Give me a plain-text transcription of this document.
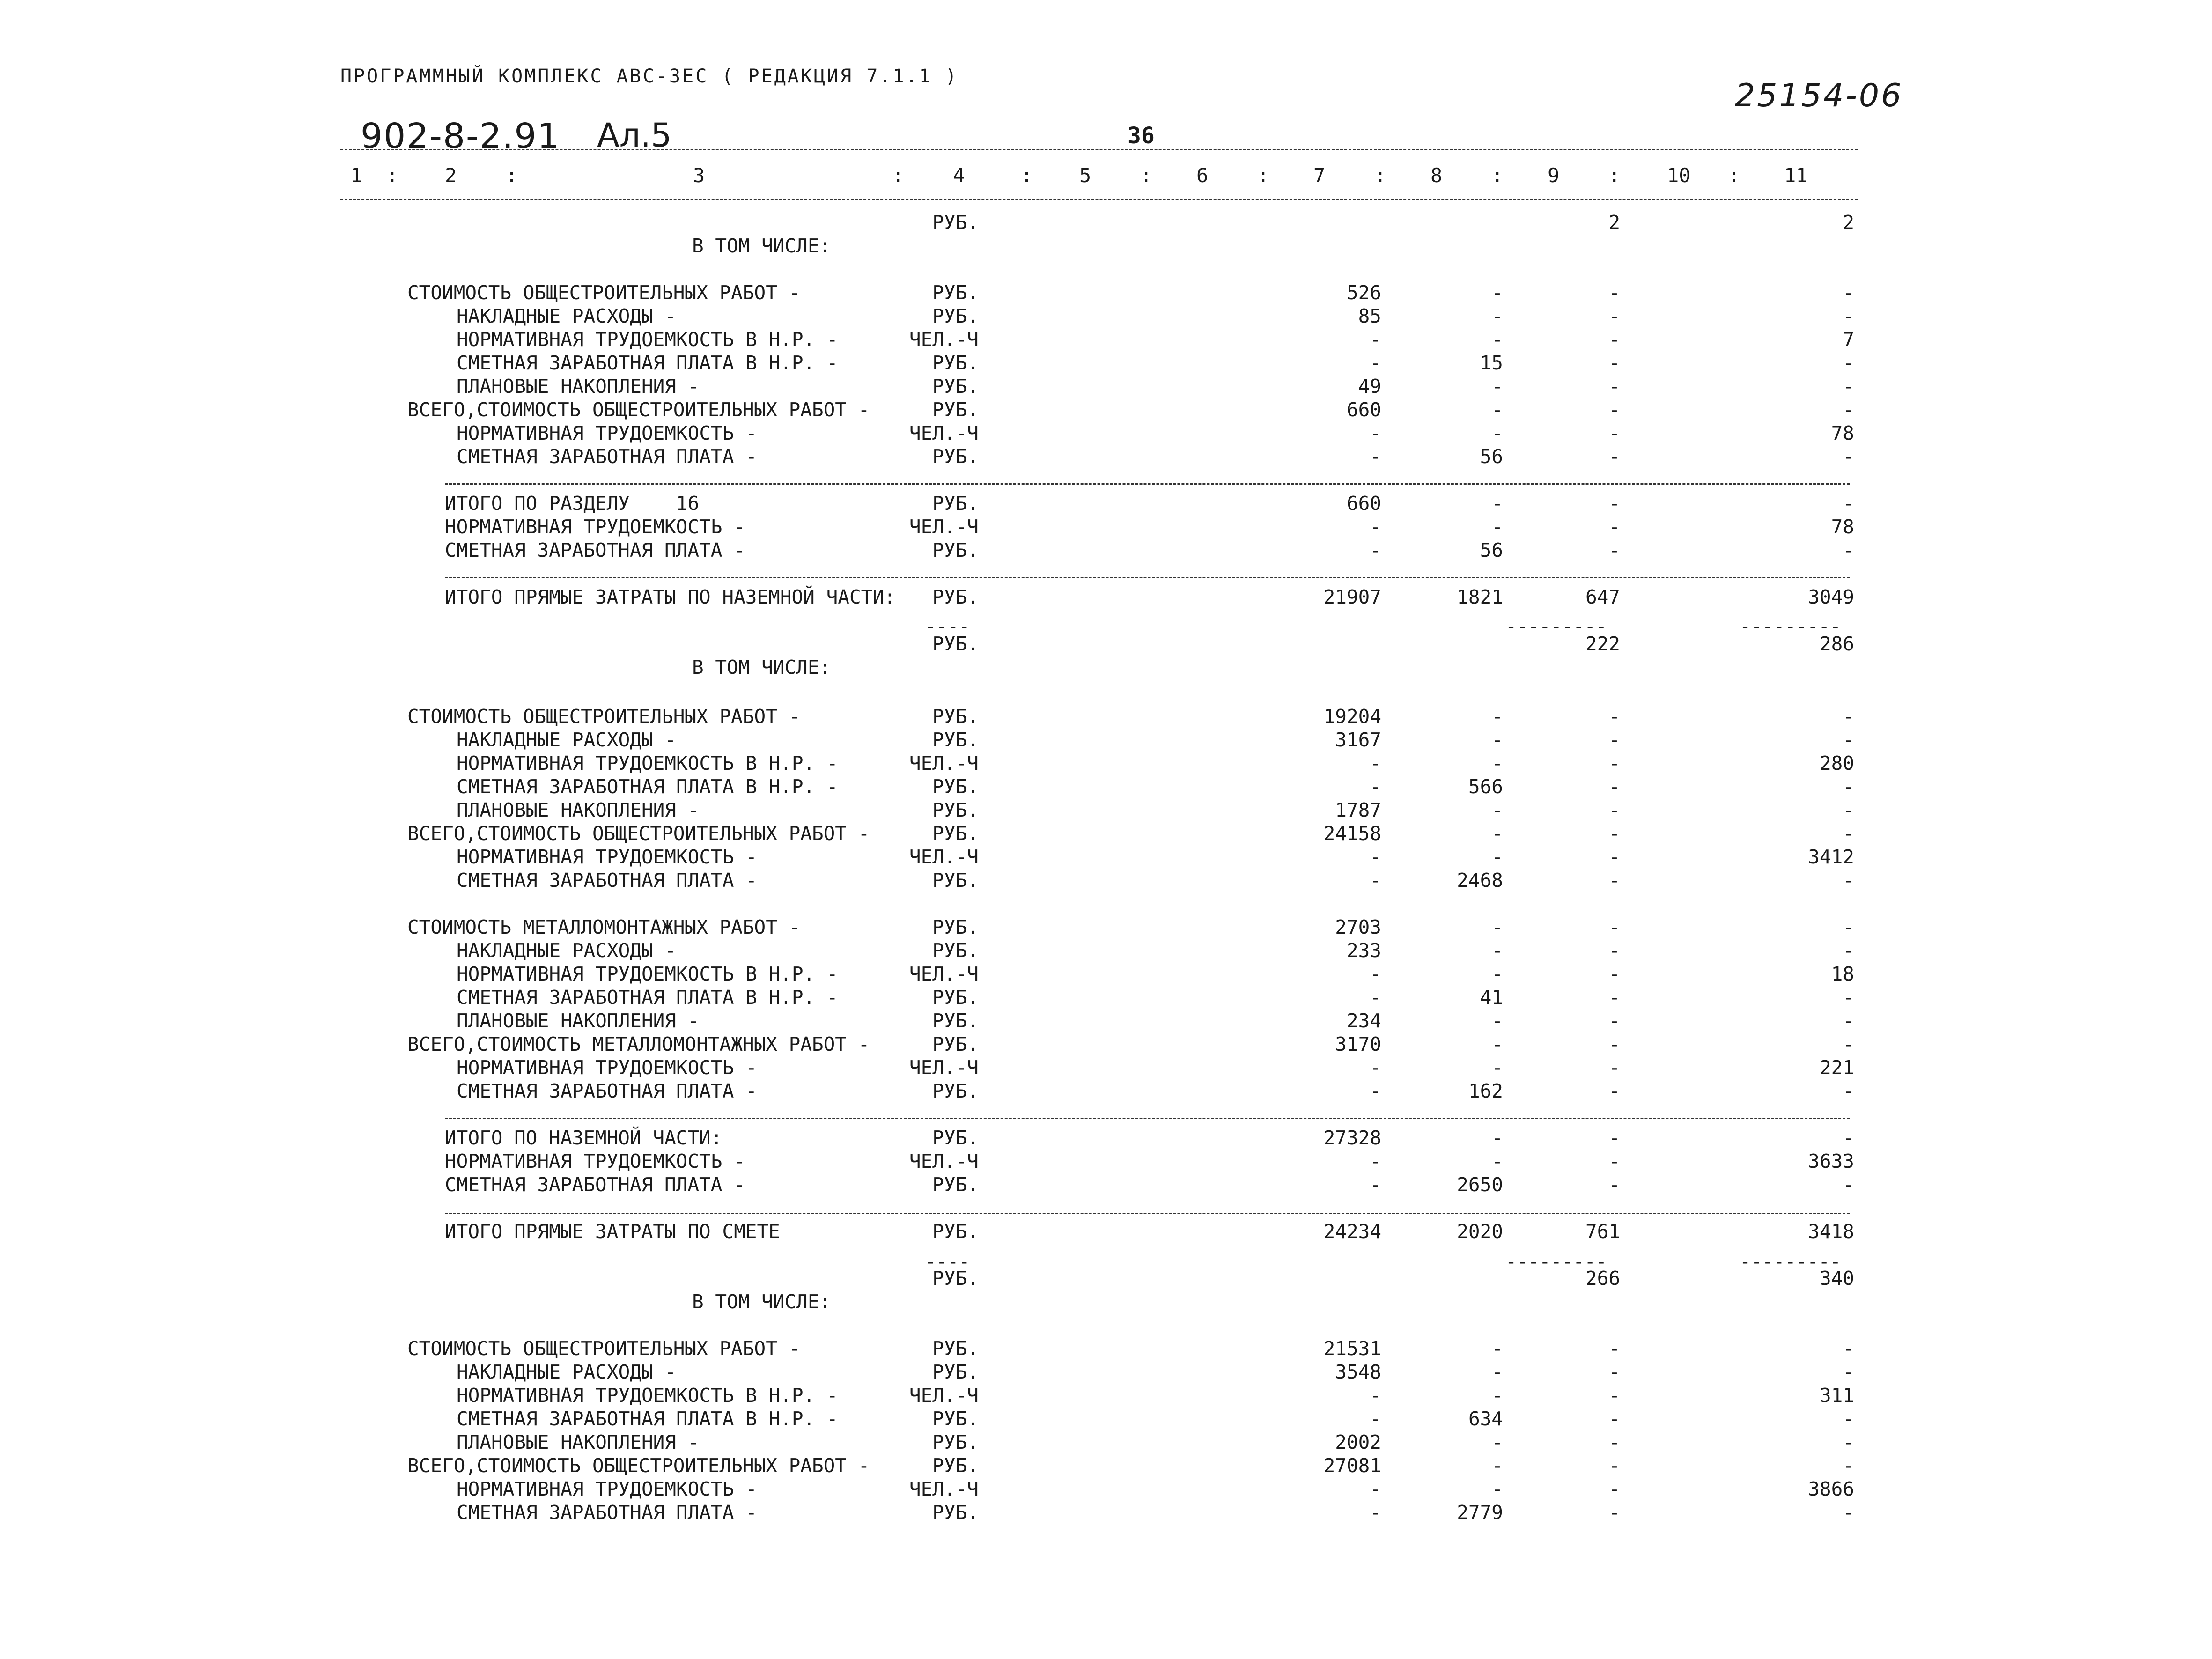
ПРОГРАММНЫЙ КОМПЛЕКС АВС-3ЕС ( РЕДАКЦИЯ 7.1.1 )
25154-06
902-8-2.91 Ал.5	36
1 : 2 :	3	: 4	: 5 : 6 : 7 : 8 : 9 : 10 : 11
РУБ.	2	2
В ТОМ ЧИСЛЕ:
СТОИМОСТЬ ОБЩЕСТРОИТЕЛЬНЫХ РАБОТ -	РУБ.	526	-	-	-
НАКЛАДНЫЕ РАСХОДЫ -	РУБ.	85	-	-	-
НОРМАТИВНАЯ ТРУДОЕМКОСТЬ В Н.Р. -	ЧЕЛ.-Ч	-	-	-	7
СМЕТНАЯ ЗАРАБОТНАЯ ПЛАТА В Н.Р. -	РУБ.	-	15	-	-
ПЛАНОВЫЕ НАКОПЛЕНИЯ -	РУБ.	49	-	-	-
ВСЕГО,СТОИМОСТЬ ОБЩЕСТРОИТЕЛЬНЫХ РАБОТ -	РУБ.	660	-	-	-
НОРМАТИВНАЯ ТРУДОЕМКОСТЬ -	ЧЕЛ.-Ч	-	-	-	78
СМЕТНАЯ ЗАРАБОТНАЯ ПЛАТА -	РУБ.	-	56	-	-
ИТОГО ПО РАЗДЕЛУ    16	РУБ.	660	-	-	-
НОРМАТИВНАЯ ТРУДОЕМКОСТЬ -	ЧЕЛ.-Ч	-	-	-	78
СМЕТНАЯ ЗАРАБОТНАЯ ПЛАТА -	РУБ.	-	56	-	-
ИТОГО ПРЯМЫЕ ЗАТРАТЫ ПО НАЗЕМНОЙ ЧАСТИ:	РУБ.	21907	1821	647	3049
РУБ.	222	286
В ТОМ ЧИСЛЕ:
СТОИМОСТЬ ОБЩЕСТРОИТЕЛЬНЫХ РАБОТ -	РУБ.	19204	-	-	-
НАКЛАДНЫЕ РАСХОДЫ -	РУБ.	3167	-	-	-
НОРМАТИВНАЯ ТРУДОЕМКОСТЬ В Н.Р. -	ЧЕЛ.-Ч	-	-	-	280
СМЕТНАЯ ЗАРАБОТНАЯ ПЛАТА В Н.Р. -	РУБ.	-	566	-	-
ПЛАНОВЫЕ НАКОПЛЕНИЯ -	РУБ.	1787	-	-	-
ВСЕГО,СТОИМОСТЬ ОБЩЕСТРОИТЕЛЬНЫХ РАБОТ -	РУБ.	24158	-	-	-
НОРМАТИВНАЯ ТРУДОЕМКОСТЬ -	ЧЕЛ.-Ч	-	-	-	3412
СМЕТНАЯ ЗАРАБОТНАЯ ПЛАТА -	РУБ.	-	2468	-	-
СТОИМОСТЬ МЕТАЛЛОМОНТАЖНЫХ РАБОТ -	РУБ.	2703	-	-	-
НАКЛАДНЫЕ РАСХОДЫ -	РУБ.	233	-	-	-
НОРМАТИВНАЯ ТРУДОЕМКОСТЬ В Н.Р. -	ЧЕЛ.-Ч	-	-	-	18
СМЕТНАЯ ЗАРАБОТНАЯ ПЛАТА В Н.Р. -	РУБ.	-	41	-	-
ПЛАНОВЫЕ НАКОПЛЕНИЯ -	РУБ.	234	-	-	-
ВСЕГО,СТОИМОСТЬ МЕТАЛЛОМОНТАЖНЫХ РАБОТ -	РУБ.	3170	-	-	-
НОРМАТИВНАЯ ТРУДОЕМКОСТЬ -	ЧЕЛ.-Ч	-	-	-	221
СМЕТНАЯ ЗАРАБОТНАЯ ПЛАТА -	РУБ.	-	162	-	-
ИТОГО ПО НАЗЕМНОЙ ЧАСТИ:	РУБ.	27328	-	-	-
НОРМАТИВНАЯ ТРУДОЕМКОСТЬ -	ЧЕЛ.-Ч	-	-	-	3633
СМЕТНАЯ ЗАРАБОТНАЯ ПЛАТА -	РУБ.	-	2650	-	-
ИТОГО ПРЯМЫЕ ЗАТРАТЫ ПО СМЕТЕ	РУБ.	24234	2020	761	3418
РУБ.	266	340
В ТОМ ЧИСЛЕ:
СТОИМОСТЬ ОБЩЕСТРОИТЕЛЬНЫХ РАБОТ -	РУБ.	21531	-	-	-
НАКЛАДНЫЕ РАСХОДЫ -	РУБ.	3548	-	-	-
НОРМАТИВНАЯ ТРУДОЕМКОСТЬ В Н.Р. -	ЧЕЛ.-Ч	-	-	-	311
СМЕТНАЯ ЗАРАБОТНАЯ ПЛАТА В Н.Р. -	РУБ.	-	634	-	-
ПЛАНОВЫЕ НАКОПЛЕНИЯ -	РУБ.	2002	-	-	-
ВСЕГО,СТОИМОСТЬ ОБЩЕСТРОИТЕЛЬНЫХ РАБОТ -	РУБ.	27081	-	-	-
НОРМАТИВНАЯ ТРУДОЕМКОСТЬ -	ЧЕЛ.-Ч	-	-	-	3866
СМЕТНАЯ ЗАРАБОТНАЯ ПЛАТА -	РУБ.	-	2779	-	-
----	---------	---------
----	---------	---------
